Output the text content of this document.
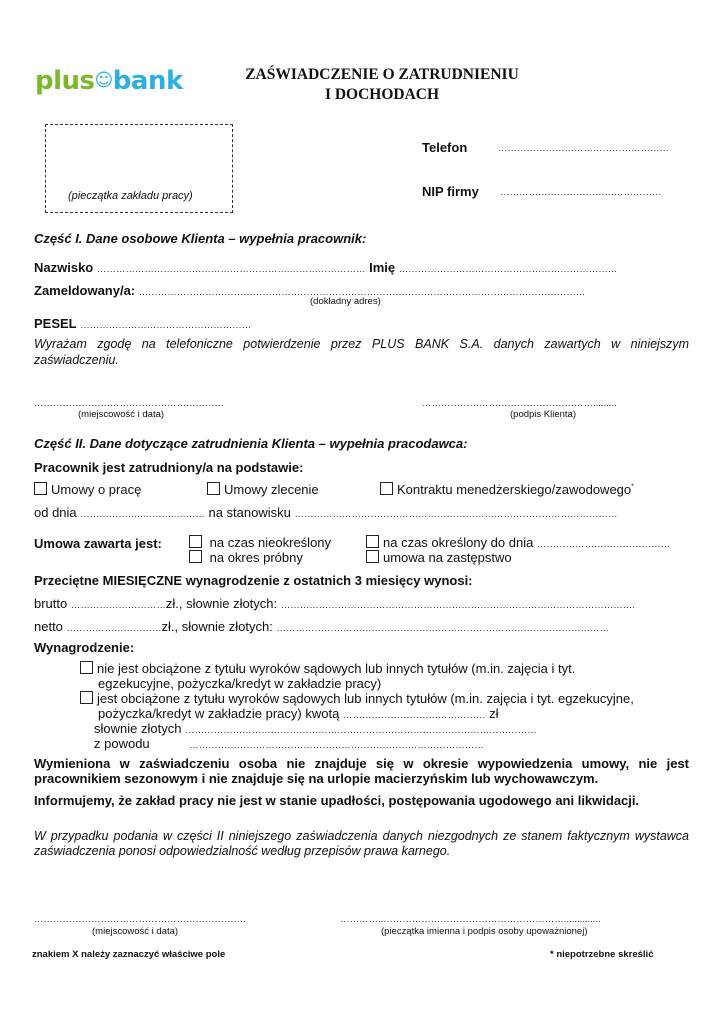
plus☺bank	ZAŚWIADCZENIE O ZATRUDNIENIU
I DOCHODACH
(pieczątka zakładu pracy)
Telefon	………………………………………………
NIP firmy ……………………………………………
Część I. Dane osobowe Klienta – wypełnia pracownik:
Nazwisko …………………………………………………….…………………… Imię ……………………………………………………………
Zameldowany/a: ……………………………………………………………………………………………………………………………
(dokładny adres)
PESEL ………………………………………………
Wyrażam zgodę na telefoniczne potwierdzenie przez PLUS BANK S.A. danych zawartych w niniejszym zaświadczeniu.
……………………………………………………
(miejscowość i data)
……………………………………………….........
(podpis Klienta)
Część II. Dane dotyczące zatrudnienia Klienta – wypełnia pracodawca:
Pracownik jest zatrudniony/a na podstawie:
Umowy o pracę	Umowy zlecenie	Kontraktu menedżerskiego/zawodowego*
od dnia ………………..………..……… na stanowisku …………………………………………………………………………………………
Umowa zawarta jest:	na czas nieokreślony	na czas określony do dnia ……………………………………
na okres próbny	umowa na zastępstwo
Przeciętne MIESIĘCZNE wynagrodzenie z ostatnich 3 miesięcy wynosi:
brutto …………………………zł., słownie złotych: ………………………………………………………………………………………………….
netto …………………………zł., słownie złotych: ……………………………………………………………………………………………
Wynagrodzenie:
nie jest obciążone z tytułu wyroków sądowych lub innych tytułów (m.in. zajęcia i tyt.
egzekucyjne, pożyczka/kredyt w zakładzie pracy)
jest obciążone z tytułu wyroków sądowych lub innych tytułów (m.in. zajęcia i tyt. egzekucyjne,
pożyczka/kredyt w zakładzie pracy) kwotą ……………………………………… zł
słownie złotych …………………………………………………………………………………………………
z powodu	…………………………………………………………………………………
Wymieniona w zaświadczeniu osoba nie znajduje się w okresie wypowiedzenia umowy, nie jest pracownikiem sezonowym i nie znajduje się na urlopie macierzyńskim lub wychowawczym.
Informujemy, że zakład pracy nie jest w stanie upadłości, postępowania ugodowego ani likwidacji.
W przypadku podania w części II niniejszego zaświadczenia danych niezgodnych ze stanem faktycznym wystawca zaświadczenia ponosi odpowiedzialność według przepisów prawa karnego.
………………………………………………………….
(miejscowość i data)
…………..…………………………………………………..............
(pieczątka imienna i podpis osoby upoważnionej)
znakiem X należy zaznaczyć właściwe pole	* niepotrzebne skreślić
